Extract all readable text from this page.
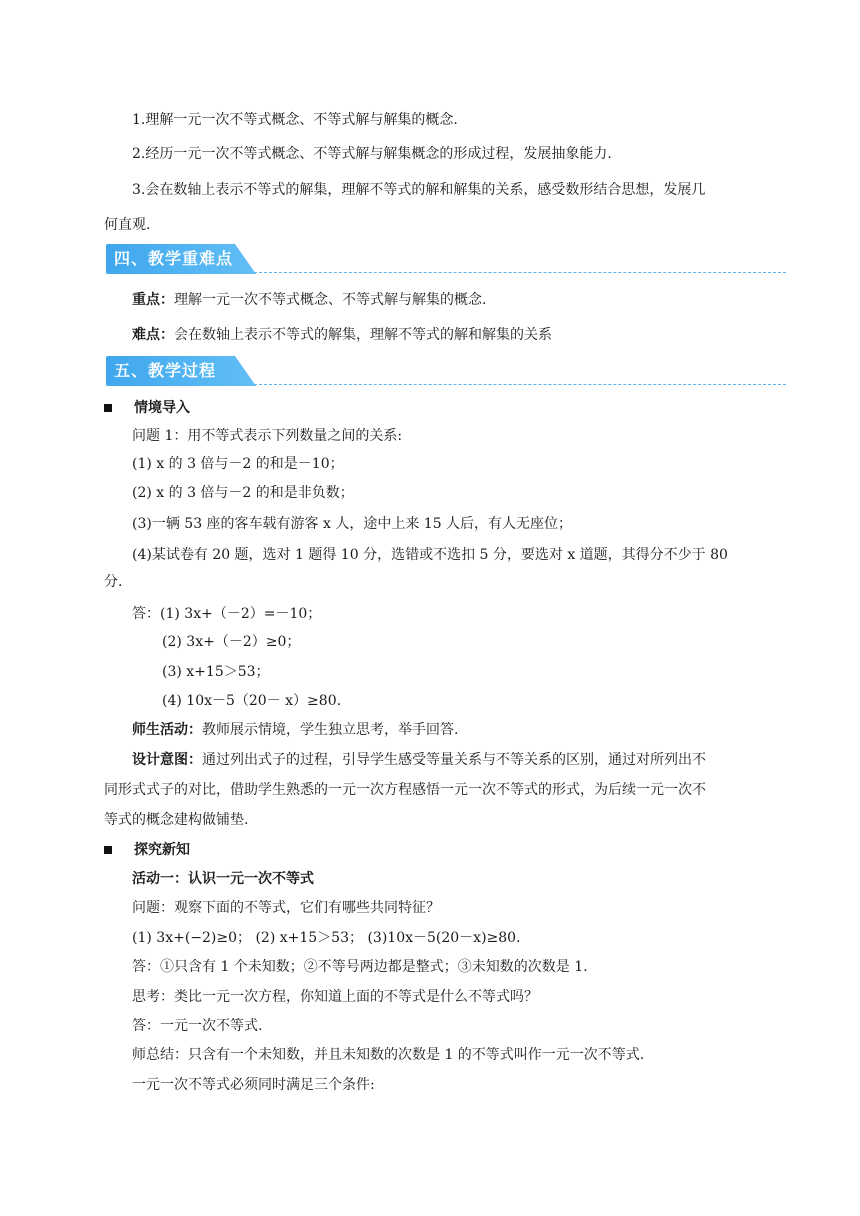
1.理解一元一次不等式概念、不等式解与解集的概念.
2.经历一元一次不等式概念、不等式解与解集概念的形成过程，发展抽象能力.
3.会在数轴上表示不等式的解集，理解不等式的解和解集的关系，感受数形结合思想，发展几
何直观.
四、教学重难点
重点：理解一元一次不等式概念、不等式解与解集的概念.
难点：会在数轴上表示不等式的解集，理解不等式的解和解集的关系
五、教学过程
情境导入
问题 1：用不等式表示下列数量之间的关系:
(1) x 的 3 倍与－2 的和是－10；
(2) x 的 3 倍与－2 的和是非负数；
(3)一辆 53 座的客车载有游客 x 人，途中上来 15 人后，有人无座位；
(4)某试卷有 20 题，选对 1 题得 10 分，选错或不选扣 5 分，要选对 x 道题，其得分不少于 80
分.
答：(1) 3x+（－2）=－10；
(2) 3x+（－2）≥0；
(3) x+15＞53；
(4) 10x－5（20－ x）≥80.
师生活动：教师展示情境，学生独立思考，举手回答.
设计意图：通过列出式子的过程，引导学生感受等量关系与不等关系的区别，通过对所列出不
同形式式子的对比，借助学生熟悉的一元一次方程感悟一元一次不等式的形式，为后续一元一次不
等式的概念建构做铺垫.
探究新知
活动一：认识一元一次不等式
问题：观察下面的不等式，它们有哪些共同特征？
(1) 3x+(−2)≥0； (2) x+15＞53； (3)10x－5(20－x)≥80.
答：①只含有 1 个未知数；②不等号两边都是整式；③未知数的次数是 1.
思考：类比一元一次方程，你知道上面的不等式是什么不等式吗？
答：一元一次不等式.
师总结：只含有一个未知数，并且未知数的次数是 1 的不等式叫作一元一次不等式.
一元一次不等式必须同时满足三个条件:
